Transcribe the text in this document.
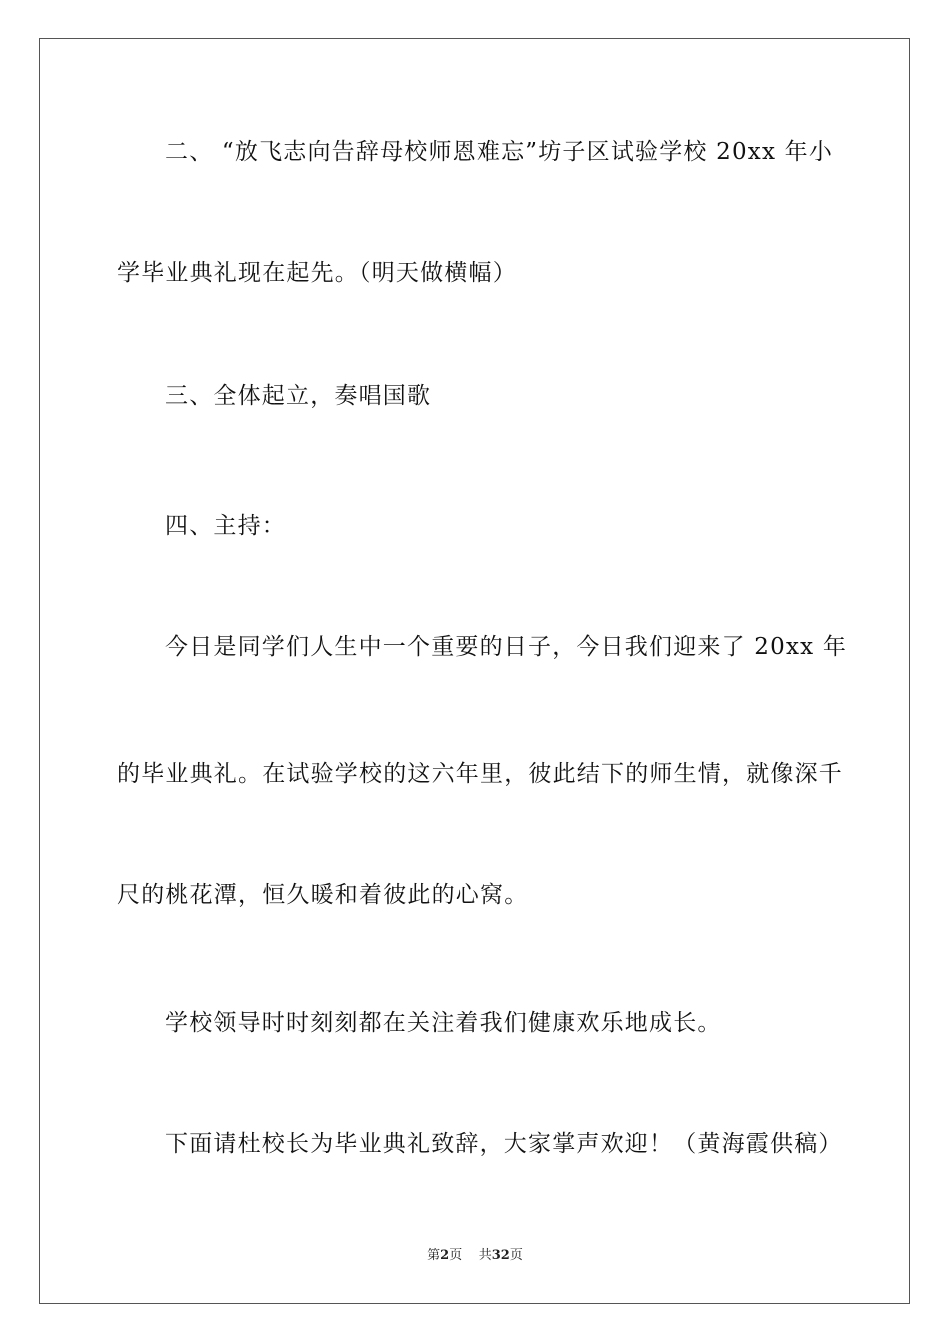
二、 “放飞志向告辞母校师恩难忘”坊子区试验学校 20xx 年小
学毕业典礼现在起先。（明天做横幅）
三、全体起立，奏唱国歌
四、主持：
今日是同学们人生中一个重要的日子，今日我们迎来了 20xx 年
的毕业典礼。在试验学校的这六年里，彼此结下的师生情，就像深千
尺的桃花潭，恒久暖和着彼此的心窝。
学校领导时时刻刻都在关注着我们健康欢乐地成长。
下面请杜校长为毕业典礼致辞，大家掌声欢迎！（黄海霞供稿）
第2页 共32页
